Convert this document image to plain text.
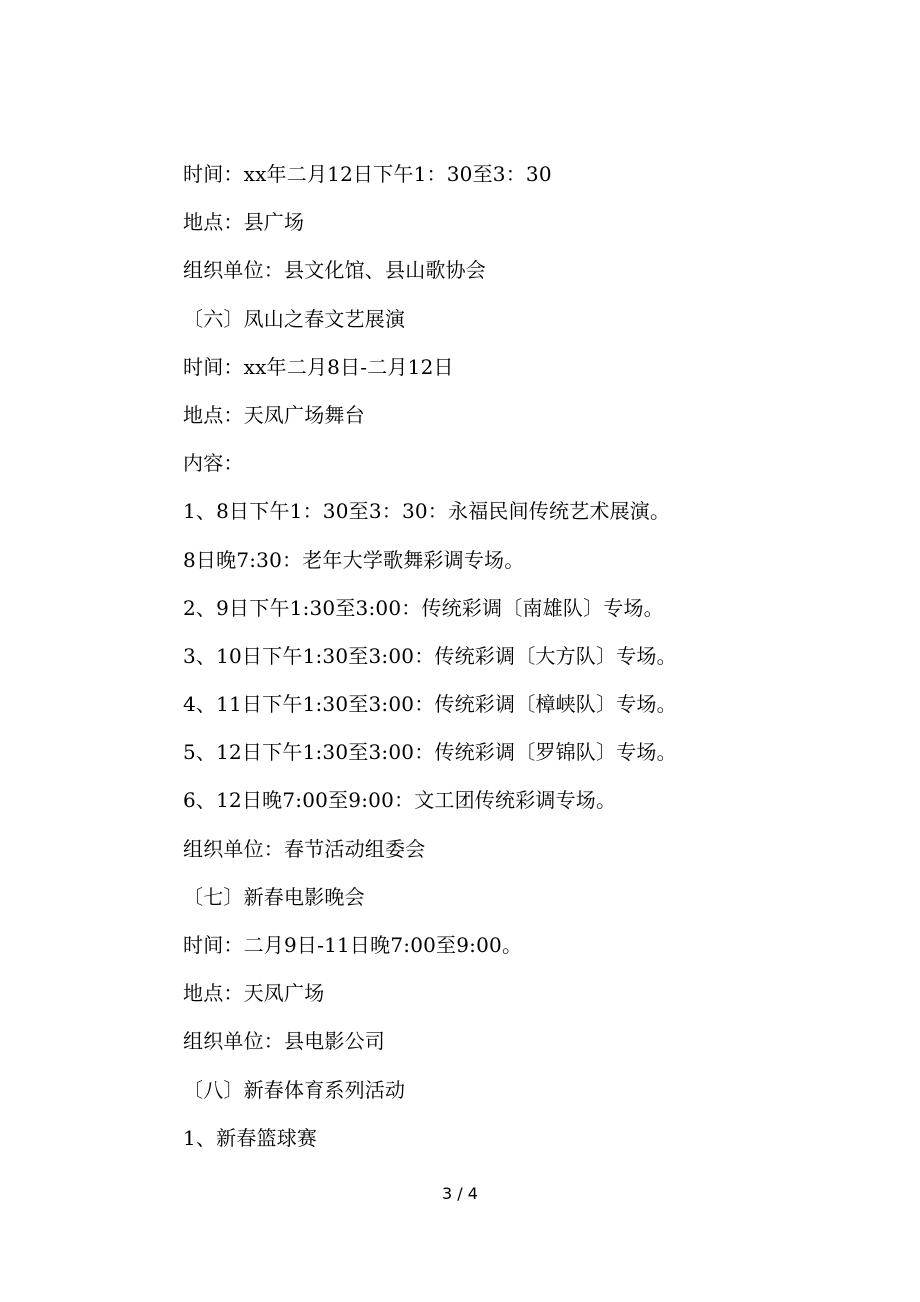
时间：xx年二月12日下午1：30至3：30
地点：县广场
组织单位：县文化馆、县山歌协会
〔六〕凤山之春文艺展演
时间：xx年二月8日-二月12日
地点：天凤广场舞台
内容：
1、8日下午1：30至3：30：永福民间传统艺术展演。
8日晚7:30：老年大学歌舞彩调专场。
2、9日下午1:30至3:00：传统彩调〔南雄队〕专场。
3、10日下午1:30至3:00：传统彩调〔大方队〕专场。
4、11日下午1:30至3:00：传统彩调〔樟峡队〕专场。
5、12日下午1:30至3:00：传统彩调〔罗锦队〕专场。
6、12日晚7:00至9:00：文工团传统彩调专场。
组织单位：春节活动组委会
〔七〕新春电影晚会
时间：二月9日-11日晚7:00至9:00。
地点：天凤广场
组织单位：县电影公司
〔八〕新春体育系列活动
1、新春篮球赛
3 / 4
